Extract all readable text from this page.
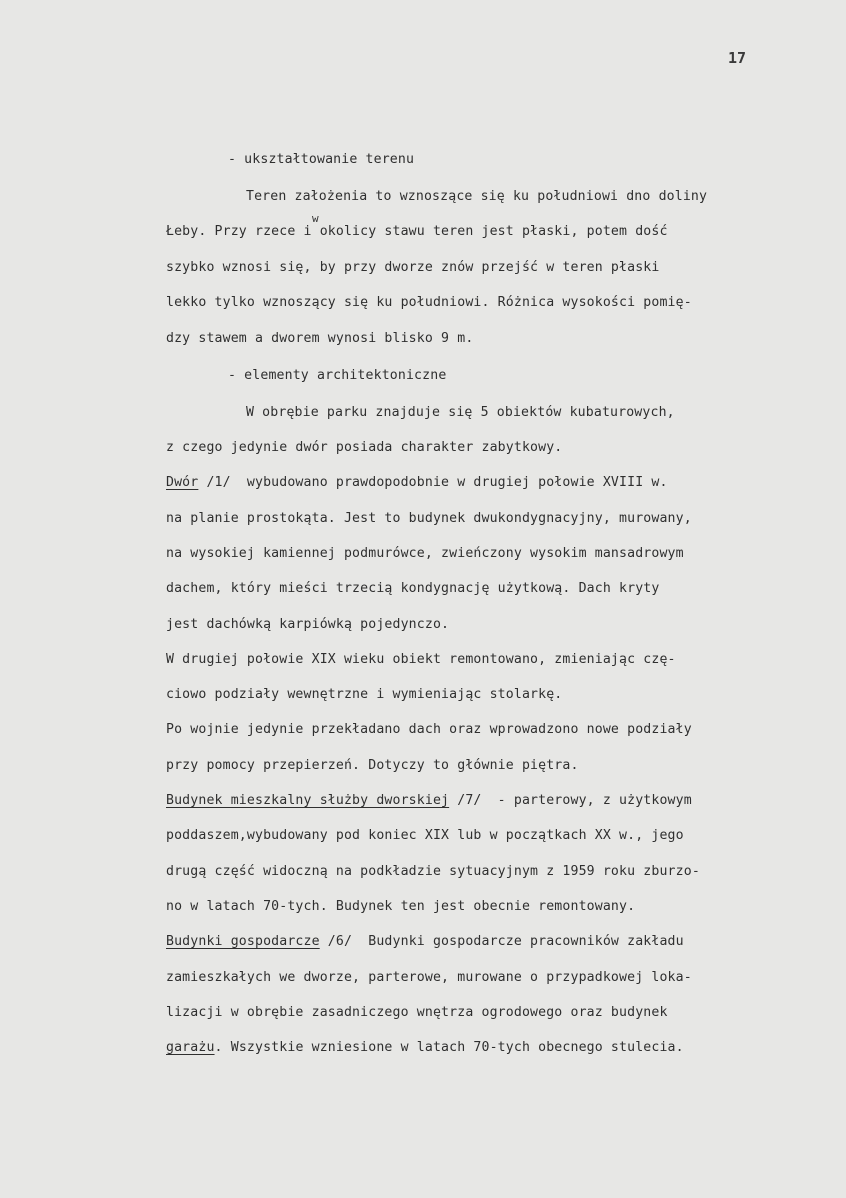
17
- ukształtowanie terenu
Teren założenia to wznoszące się ku południowi dno doliny
Łeby. Przy rzece i okolicy stawu teren jest płaski, potem dość
w
szybko wznosi się, by przy dworze znów przejść w teren płaski
lekko tylko wznoszący się ku południowi. Różnica wysokości pomię-
dzy stawem a dworem wynosi blisko 9 m.
- elementy architektoniczne
W obrębie parku znajduje się 5 obiektów kubaturowych,
z czego jedynie dwór posiada charakter zabytkowy.
Dwór /1/  wybudowano prawdopodobnie w drugiej połowie XVIII w.
na planie prostokąta. Jest to budynek dwukondygnacyjny, murowany,
na wysokiej kamiennej podmurówce, zwieńczony wysokim mansadrowym
dachem, który mieści trzecią kondygnację użytkową. Dach kryty
jest dachówką karpiówką pojedynczo.
W drugiej połowie XIX wieku obiekt remontowano, zmieniając czę-
ciowo podziały wewnętrzne i wymieniając stolarkę.
Po wojnie jedynie przekładano dach oraz wprowadzono nowe podziały
przy pomocy przepierzeń. Dotyczy to głównie piętra.
Budynek mieszkalny służby dworskiej /7/  - parterowy, z użytkowym
poddaszem,wybudowany pod koniec XIX lub w początkach XX w., jego
drugą część widoczną na podkładzie sytuacyjnym z 1959 roku zburzo-
no w latach 70-tych. Budynek ten jest obecnie remontowany.
Budynki gospodarcze /6/  Budynki gospodarcze pracowników zakładu
zamieszkałych we dworze, parterowe, murowane o przypadkowej loka-
lizacji w obrębie zasadniczego wnętrza ogrodowego oraz budynek
garażu. Wszystkie wzniesione w latach 70-tych obecnego stulecia.
